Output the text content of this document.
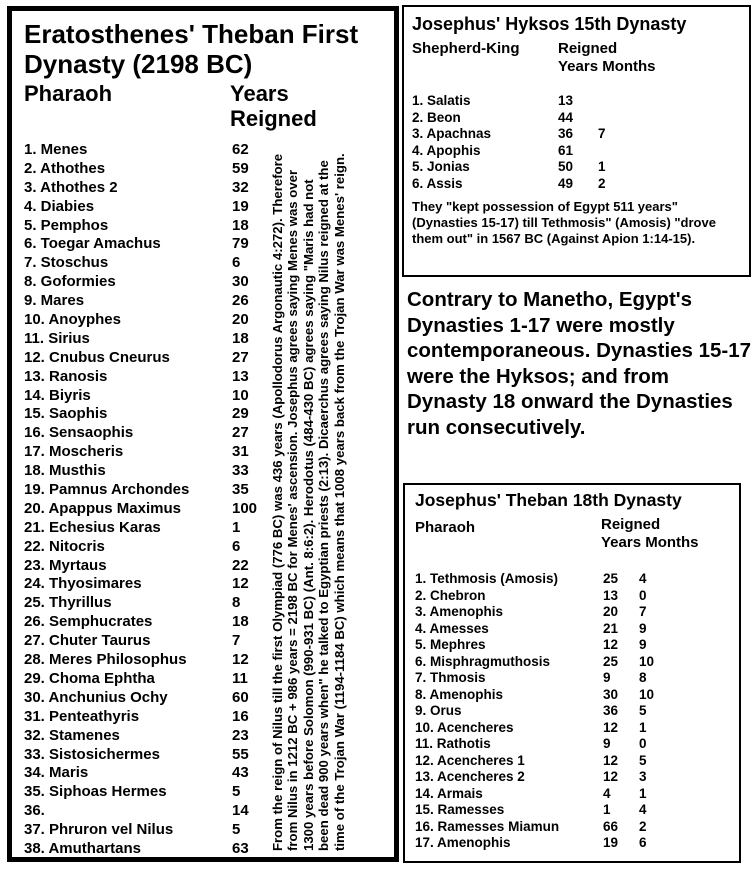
Eratosthenes' Theban First Dynasty (2198 BC)
Pharaoh	Years Reigned
1. Menes	62
2. Athothes	59
3. Athothes 2	32
4. Diabies	19
5. Pemphos	18
6. Toegar Amachus	79
7. Stoschus	6
8. Goformies	30
9. Mares	26
10. Anoyphes	20
11. Sirius	18
12. Cnubus Cneurus	27
13. Ranosis	13
14. Biyris	10
15. Saophis	29
16. Sensaophis	27
17. Moscheris	31
18. Musthis	33
19. Pamnus Archondes	35
20. Apappus Maximus	100
21. Echesius Karas	1
22. Nitocris	6
23. Myrtaus	22
24. Thyosimares	12
25. Thyrillus	8
26. Semphucrates	18
27. Chuter Taurus	7
28. Meres Philosophus	12
29. Choma Ephtha	11
30. Anchunius Ochy	60
31. Penteathyris	16
32. Stamenes	23
33. Sistosichermes	55
34. Maris	43
35. Siphoas Hermes	5
36.	14
37. Phruron vel Nilus	5
38. Amuthartans	63 From the reign of Nilus till the first Olympiad (776 BC) was 436 years (Apollodorus Argonautic 4:272). Therefore from Nilus in 1212 BC + 986 years = 2198 BC for Menes' ascension. Josephus agrees saying Menes was over 1300 years before Solomon (990-931 BC) (Ant. 8:6:2). Herodotus (484-430 BC) agrees saying "Maris had not been dead 900 years when" he talked to Egyptian priests (2:13). Dicaerchus agrees saying Nilus reigned at the time of the Trojan War (1194-1184 BC) which means that 1008 years back from the Trojan War was Menes' reign.
Josephus' Hyksos 15th Dynasty
Shepherd-King	Reigned
Years Months
1. Salatis	13
2. Beon	44
3. Apachnas	36 7
4. Apophis	61
5. Jonias	50 1
6. Assis	49 2
They "kept possession of Egypt 511 years" (Dynasties 15-17) till Tethmosis" (Amosis) "drove them out" in 1567 BC (Against Apion 1:14-15).
Contrary to Manetho, Egypt's Dynasties 1-17 were mostly contemporaneous. Dynasties 15-17 were the Hyksos; and from Dynasty 18 onward the Dynasties run consecutively.
Josephus' Theban 18th Dynasty
Pharaoh	Reigned
Years Months
1. Tethmosis (Amosis)	25 4
2. Chebron	13 0
3. Amenophis	20 7
4. Amesses	21 9
5. Mephres	12 9
6. Misphragmuthosis	25 10
7. Thmosis	9 8
8. Amenophis	30 10
9. Orus	36 5
10. Acencheres	12 1
11. Rathotis	9 0
12. Acencheres 1	12 5
13. Acencheres 2	12 3
14. Armais	4 1
15. Ramesses	1 4
16. Ramesses Miamun	66 2
17. Amenophis	19 6
